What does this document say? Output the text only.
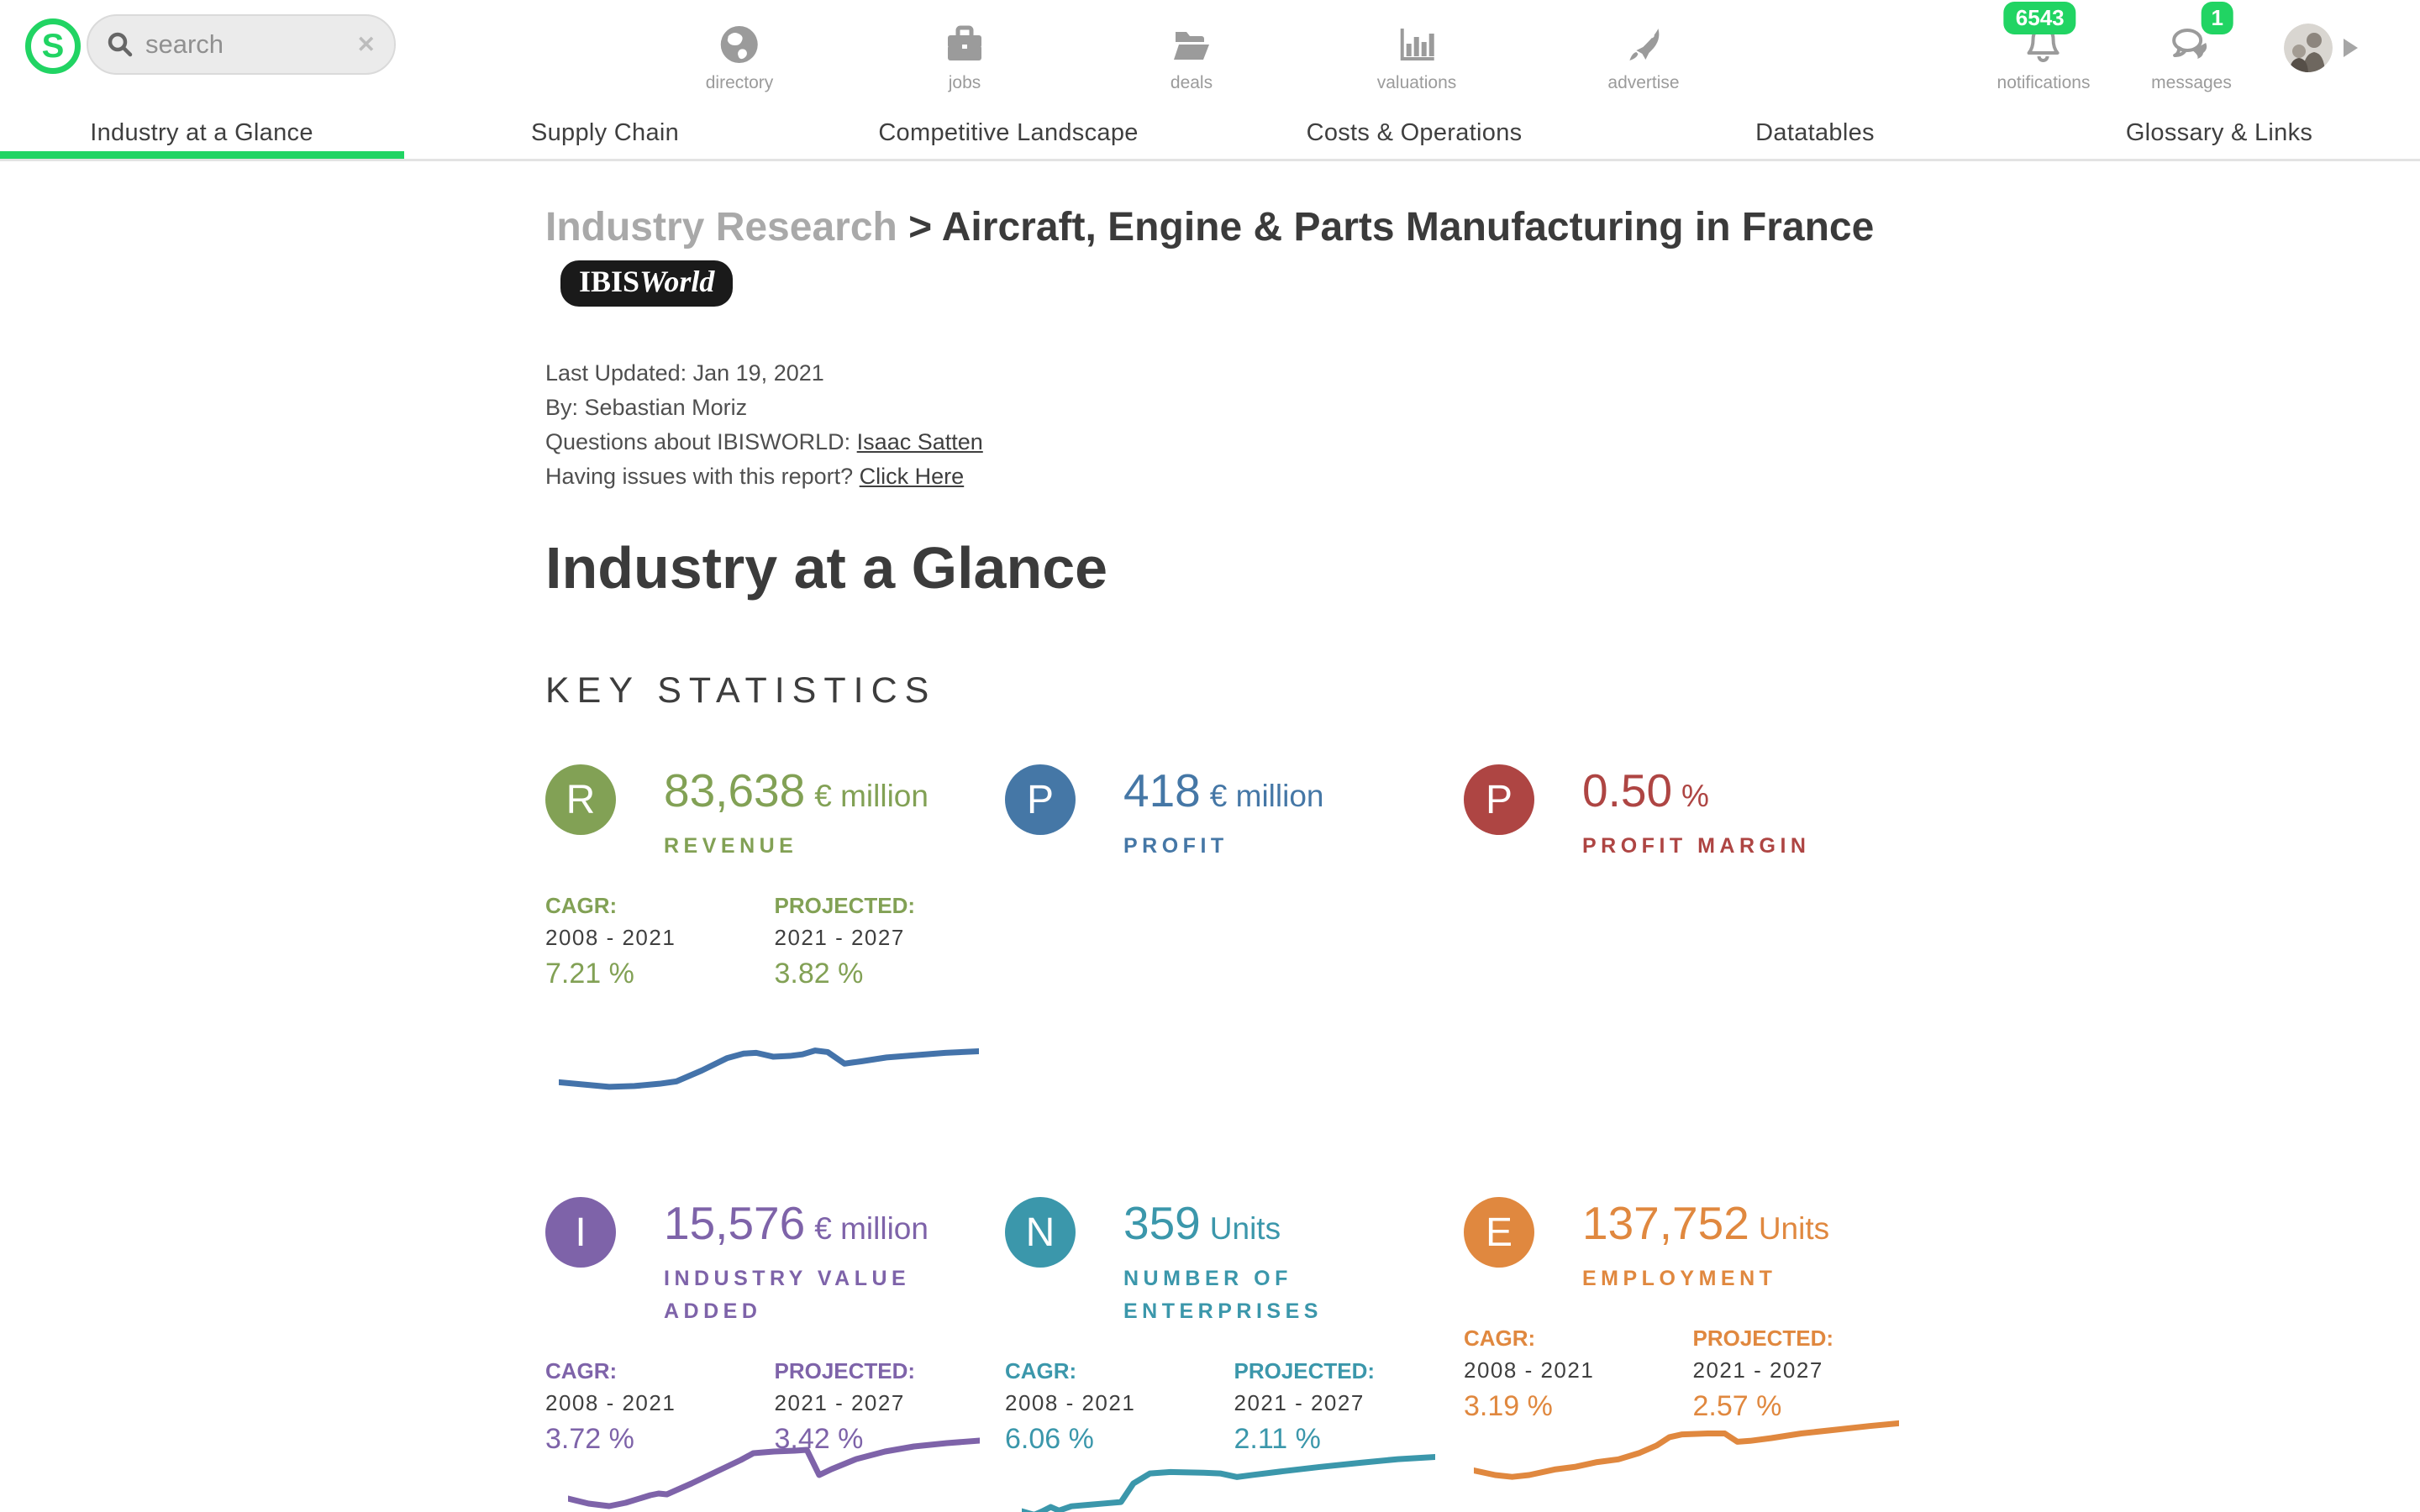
S
search	✕
directory	jobs	deals	valuations	advertise
6543
notifications
1
messages
Industry at a Glance	Supply Chain	Competitive Landscape	Costs & Operations	Datatables	Glossary & Links
Industry Research > Aircraft, Engine & Parts Manufacturing in France
IBIS World
Last Updated: Jan 19, 2021
By: Sebastian Moriz
Questions about IBISWORLD: Isaac Satten
Having issues with this report? Click Here
Industry at a Glance
KEY STATISTICS
R 83,638 € million
REVENUE
CAGR:
2008 - 2021
7.21 %
PROJECTED:
2021 - 2027
3.82 %
P 418 € million
PROFIT
P 0.50 %
PROFIT MARGIN
I 15,576 € million
INDUSTRY VALUE ADDED
CAGR:
2008 - 2021
3.72 %
PROJECTED:
2021 - 2027
3.42 %
N 359 Units
NUMBER OF ENTERPRISES
CAGR:
2008 - 2021
6.06 %
PROJECTED:
2021 - 2027
2.11 %
E 137,752 Units
EMPLOYMENT
CAGR:
2008 - 2021
3.19 %
PROJECTED:
2021 - 2027
2.57 %
